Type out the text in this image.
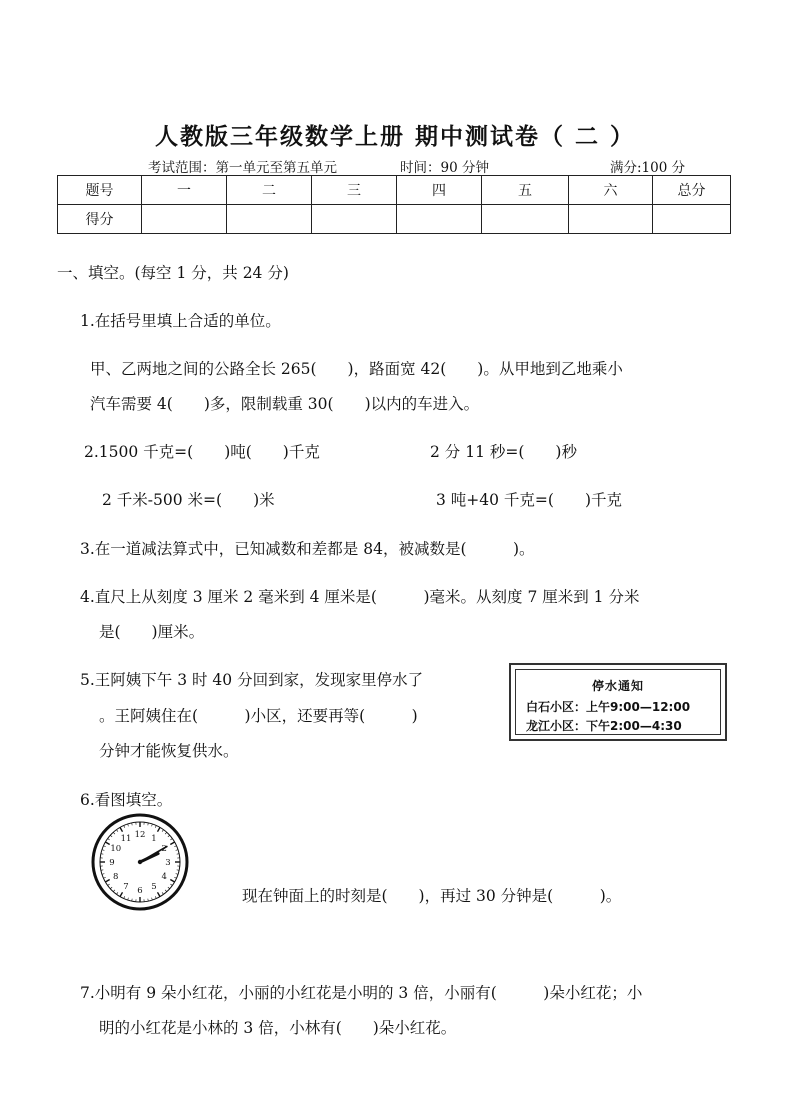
人教版三年级数学上册 期中测试卷（ 二 ）
考试范围：第一单元至第五单元	时间：90 分钟	满分:100 分
题号	一	二	三	四	五	六	总分
得分							
一、填空。(每空 1 分，共 24 分)
1.在括号里填上合适的单位。
甲、乙两地之间的公路全长 265(　　)，路面宽 42(　　)。从甲地到乙地乘小
汽车需要 4(　　)多，限制载重 30(　　)以内的车进入。
2.1500 千克=(　　)吨(　　)千克	2 分 11 秒=(　　)秒
2 千米-500 米=(　　)米	3 吨+40 千克=(　　)千克
3.在一道减法算式中，已知减数和差都是 84，被减数是(　　　)。
4.直尺上从刻度 3 厘米 2 毫米到 4 厘米是(　　　)毫米。从刻度 7 厘米到 1 分米
是(　　)厘米。
5.王阿姨下午 3 时 40 分回到家，发现家里停水了
。王阿姨住在(　　　)小区，还要再等(　　　)
分钟才能恢复供水。
停水通知
白石小区：上午9:00—12:00
龙江小区：下午2:00—4:30
6.看图填空。
12 1
2
3
4
5
6
7
8
9
10
11
现在钟面上的时刻是(　　)，再过 30 分钟是(　　　)。
7.小明有 9 朵小红花，小丽的小红花是小明的 3 倍，小丽有(　　　)朵小红花；小
明的小红花是小林的 3 倍，小林有(　　)朵小红花。
